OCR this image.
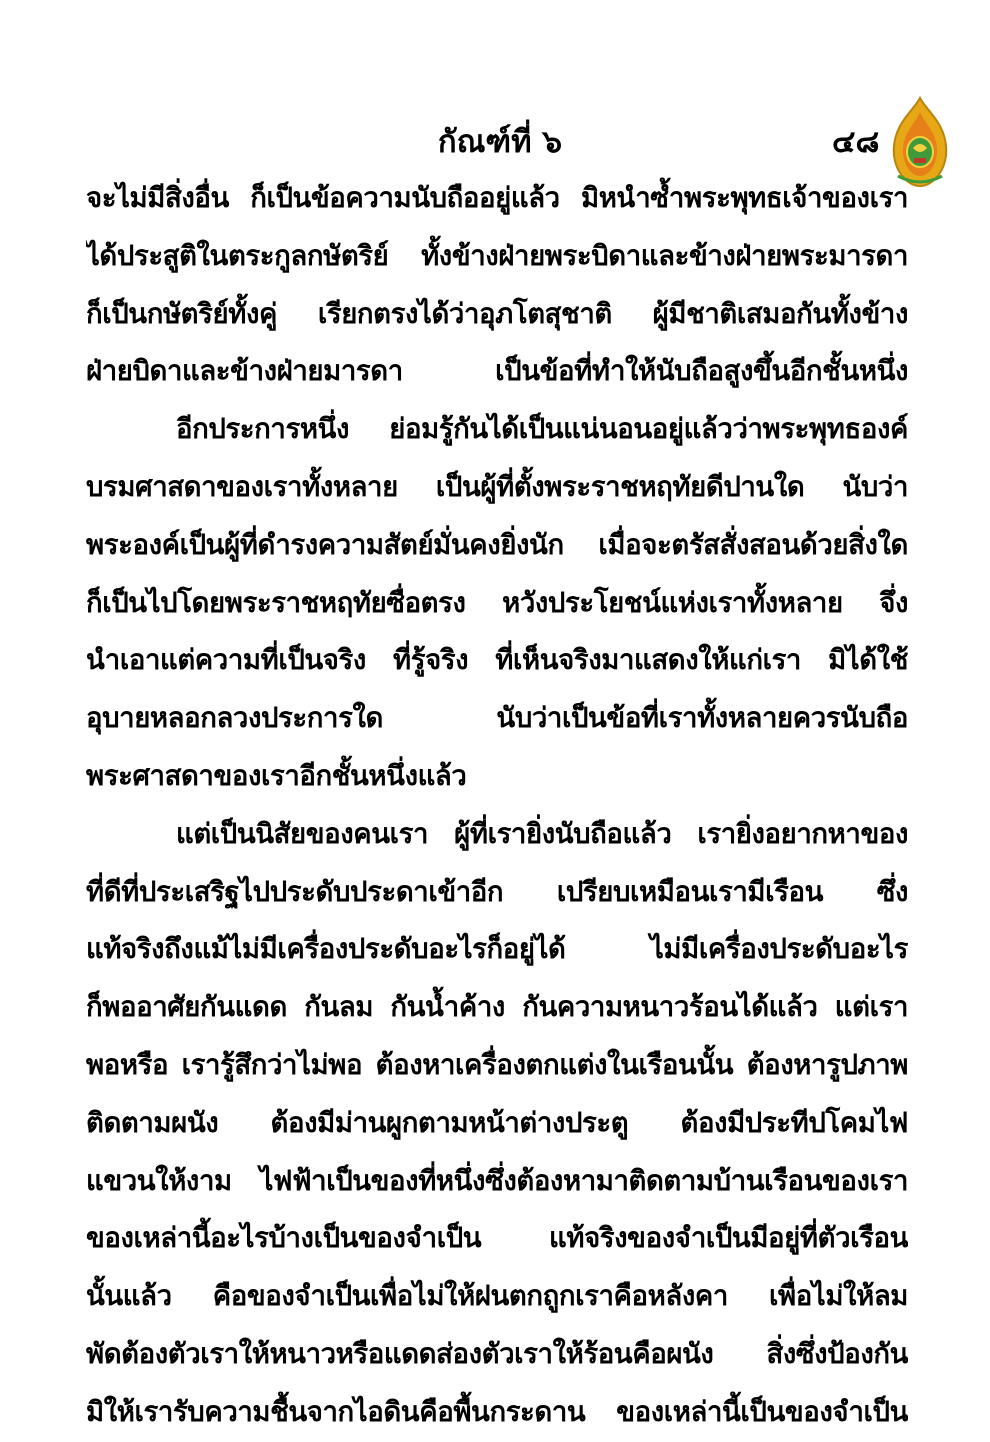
กัณฑ์ที่ ๖	๔๘
จะไม่มีสิ่งอื่น ก็เป็นข้อความนับถืออยู่แล้ว มิหนำซ้ำพระพุทธเจ้าของเรา
ได้ประสูติในตระกูลกษัตริย์ ทั้งข้างฝ่ายพระบิดาและข้างฝ่ายพระมารดา
ก็เป็นกษัตริย์ทั้งคู่ เรียกตรงได้ว่าอุภโตสุชาติ ผู้มีชาติเสมอกันทั้งข้าง
ฝ่ายบิดาและข้างฝ่ายมารดา เป็นข้อที่ทำให้นับถือสูงขึ้นอีกชั้นหนึ่ง
อีกประการหนึ่ง ย่อมรู้กันได้เป็นแน่นอนอยู่แล้วว่าพระพุทธองค์
บรมศาสดาของเราทั้งหลาย เป็นผู้ที่ตั้งพระราชหฤทัยดีปานใด นับว่า
พระองค์เป็นผู้ที่ดำรงความสัตย์มั่นคงยิ่งนัก เมื่อจะตรัสสั่งสอนด้วยสิ่งใด
ก็เป็นไปโดยพระราชหฤทัยซื่อตรง หวังประโยชน์แห่งเราทั้งหลาย จึ่ง
นำเอาแต่ความที่เป็นจริง ที่รู้จริง ที่เห็นจริงมาแสดงให้แก่เรา มิได้ใช้
อุบายหลอกลวงประการใด นับว่าเป็นข้อที่เราทั้งหลายควรนับถือ
พระศาสดาของเราอีกชั้นหนึ่งแล้ว
แต่เป็นนิสัยของคนเรา ผู้ที่เรายิ่งนับถือแล้ว เรายิ่งอยากหาของ
ที่ดีที่ประเสริฐไปประดับประดาเข้าอีก เปรียบเหมือนเรามีเรือน ซึ่ง
แท้จริงถึงแม้ไม่มีเครื่องประดับอะไรก็อยู่ได้ ไม่มีเครื่องประดับอะไร
ก็พออาศัยกันแดด กันลม กันน้ำค้าง กันความหนาวร้อนได้แล้ว แต่เรา
พอหรือ เรารู้สึกว่าไม่พอ ต้องหาเครื่องตกแต่งในเรือนนั้น ต้องหารูปภาพ
ติดตามผนัง ต้องมีม่านผูกตามหน้าต่างประตู ต้องมีประทีปโคมไฟ
แขวนให้งาม ไฟฟ้าเป็นของที่หนึ่งซึ่งต้องหามาติดตามบ้านเรือนของเรา
ของเหล่านี้อะไรบ้างเป็นของจำเป็น แท้จริงของจำเป็นมีอยู่ที่ตัวเรือน
นั้นแล้ว คือของจำเป็นเพื่อไม่ให้ฝนตกถูกเราคือหลังคา เพื่อไม่ให้ลม
พัดต้องตัวเราให้หนาวหรือแดดส่องตัวเราให้ร้อนคือผนัง สิ่งซึ่งป้องกัน
มิให้เรารับความชื้นจากไอดินคือพื้นกระดาน ของเหล่านี้เป็นของจำเป็น
